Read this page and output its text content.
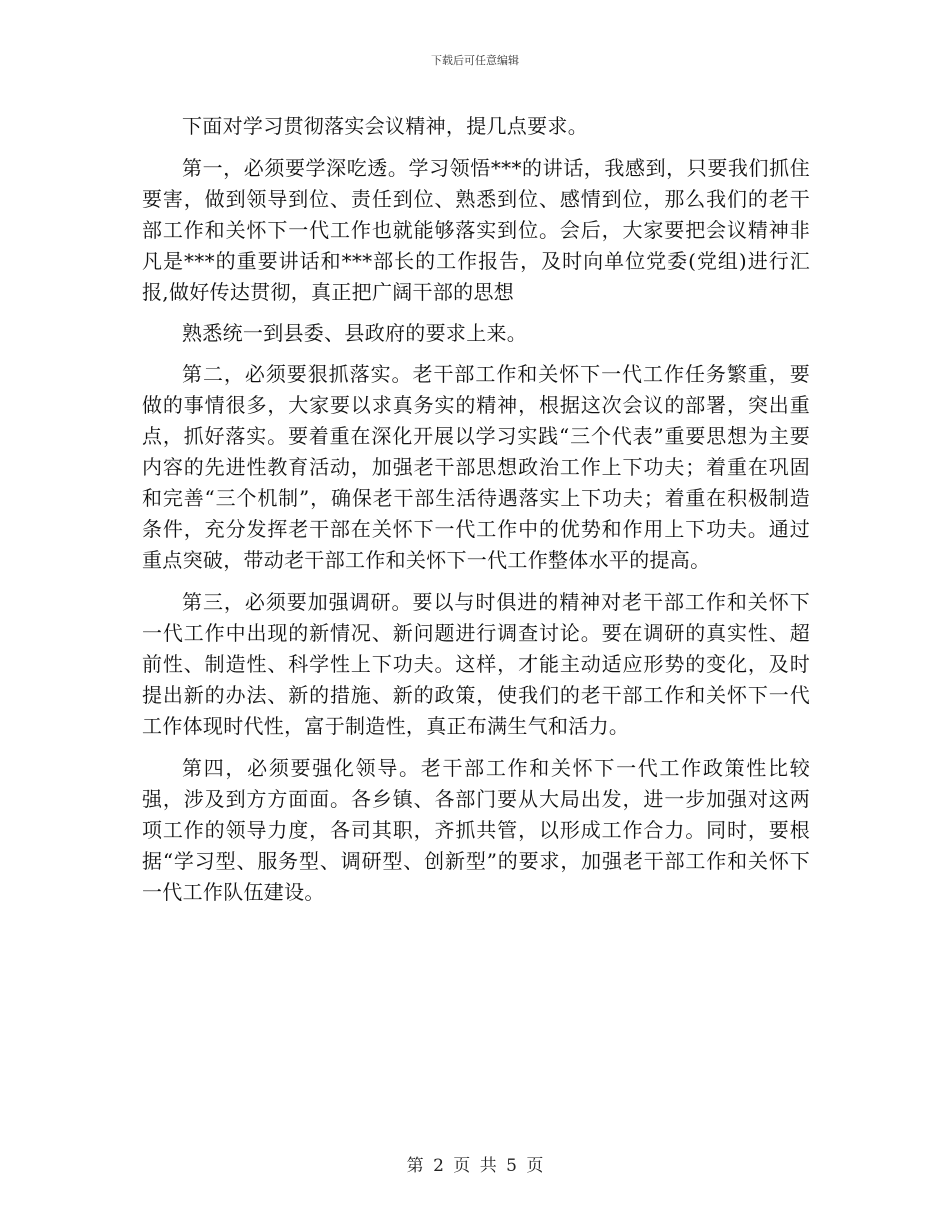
下载后可任意编辑

下面对学习贯彻落实会议精神，提几点要求。

第一，必须要学深吃透。学习领悟***的讲话，我感到，只要我们抓住要害，做到领导到位、责任到位、熟悉到位、感情到位，那么我们的老干部工作和关怀下一代工作也就能够落实到位。会后，大家要把会议精神非凡是***的重要讲话和***部长的工作报告，及时向单位党委(党组)进行汇报,做好传达贯彻，真正把广阔干部的思想

熟悉统一到县委、县政府的要求上来。

第二，必须要狠抓落实。老干部工作和关怀下一代工作任务繁重，要做的事情很多，大家要以求真务实的精神，根据这次会议的部署，突出重点，抓好落实。要着重在深化开展以学习实践“三个代表”重要思想为主要内容的先进性教育活动，加强老干部思想政治工作上下功夫；着重在巩固和完善“三个机制”，确保老干部生活待遇落实上下功夫；着重在积极制造条件，充分发挥老干部在关怀下一代工作中的优势和作用上下功夫。通过重点突破，带动老干部工作和关怀下一代工作整体水平的提高。

第三，必须要加强调研。要以与时俱进的精神对老干部工作和关怀下一代工作中出现的新情况、新问题进行调查讨论。要在调研的真实性、超前性、制造性、科学性上下功夫。这样，才能主动适应形势的变化，及时提出新的办法、新的措施、新的政策，使我们的老干部工作和关怀下一代工作体现时代性，富于制造性，真正布满生气和活力。

第四，必须要强化领导。老干部工作和关怀下一代工作政策性比较强，涉及到方方面面。各乡镇、各部门要从大局出发，进一步加强对这两项工作的领导力度，各司其职，齐抓共管，以形成工作合力。同时，要根据“学习型、服务型、调研型、创新型”的要求，加强老干部工作和关怀下一代工作队伍建设。

第 2 页 共 5 页
